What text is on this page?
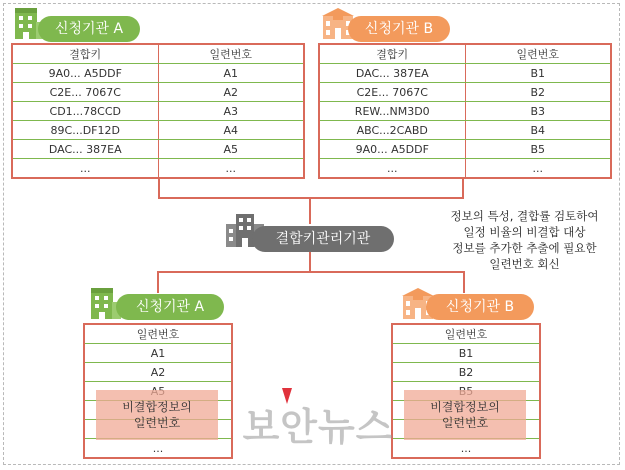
신청기관 A
결합키	일련번호
9A0... A5DDF	A1
C2E... 7067C	A2
CD1...78CCD	A3
89C...DF12D	A4
DAC... 387EA	A5
...	...
신청기관 B
결합키	일련번호
DAC... 387EA	B1
C2E... 7067C	B2
REW...NM3D0	B3
ABC...2CABD	B4
9A0... A5DDF	B5
...	...
결합키관리기관
정보의 특성, 결합률 검토하여
일정 비율의 비결합 대상
정보를 추가한 추출에 필요한
일련번호 회신
신청기관 A
일련번호
A1
A2

...
비결합정보의
일련번호
신청기관 B
일련번호
B1
B2

...
비결합정보의
일련번호
보안뉴스
